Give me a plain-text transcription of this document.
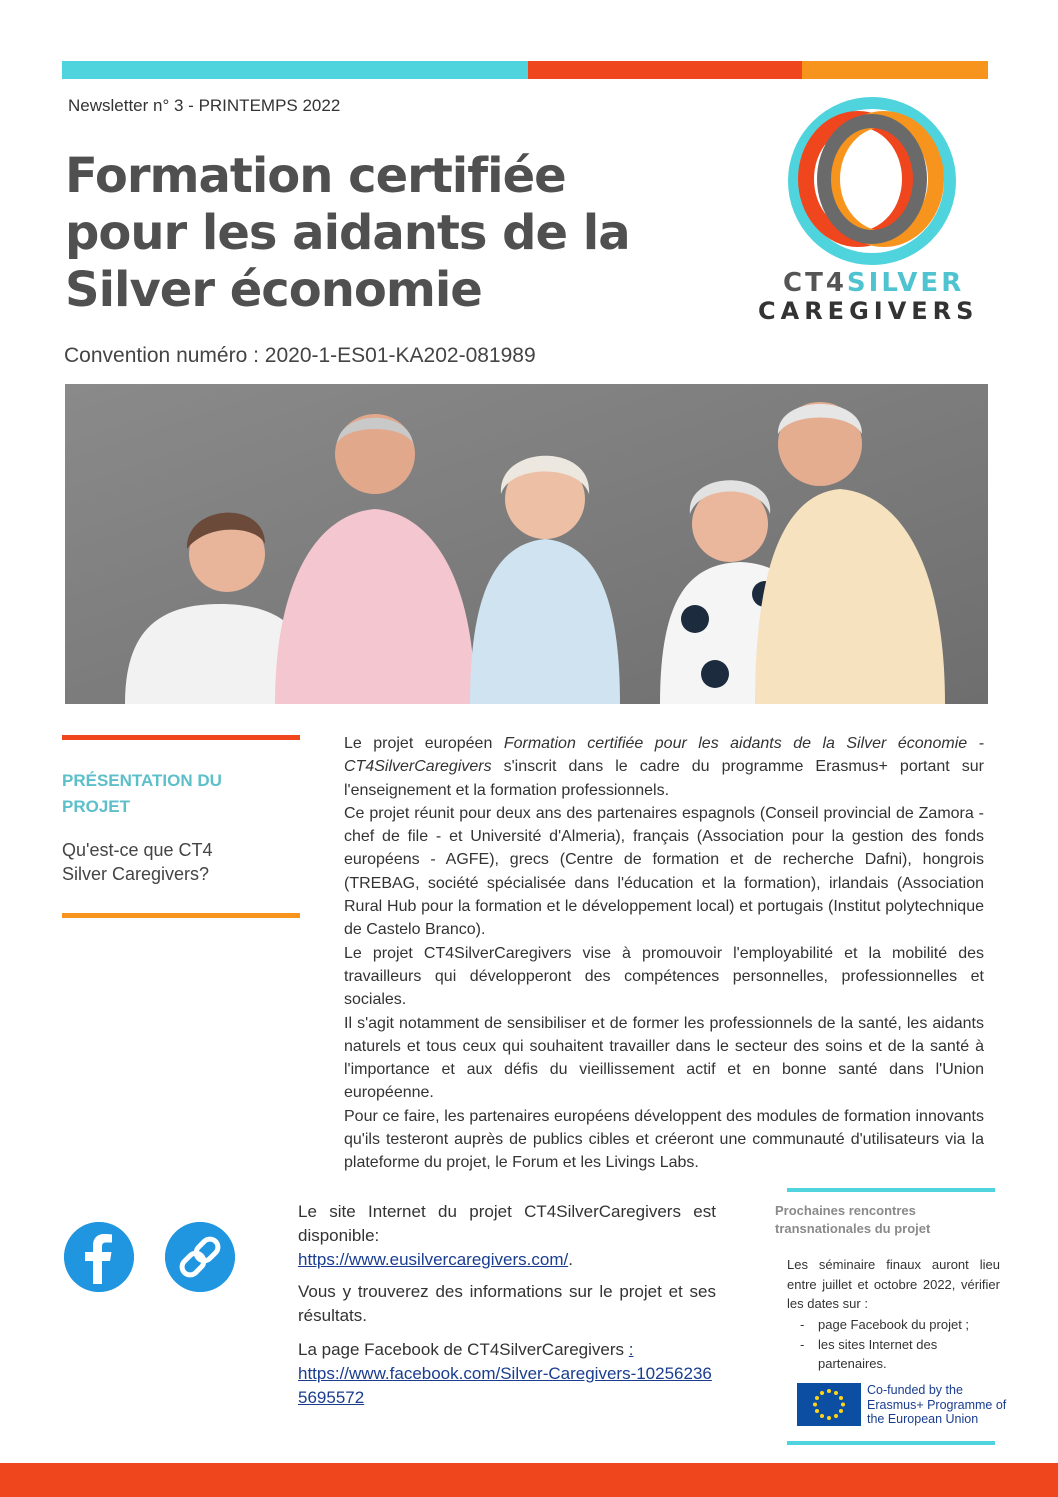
Newsletter n° 3 - PRINTEMPS 2022
Formation certifiée
pour les aidants de la
Silver économie
Convention numéro : 2020-1-ES01-KA202-081989
CT4SILVER
CAREGIVERS
PRÉSENTATION DU PROJET
Qu'est-ce que CT4 Silver Caregivers?

Le projet européen Formation certifiée pour les aidants de la Silver économie - CT4SilverCaregivers s'inscrit dans le cadre du programme Erasmus+ portant sur l'enseignement et la formation professionnels.

Ce projet réunit pour deux ans des partenaires espagnols (Conseil provincial de Zamora - chef de file - et Université d'Almeria), français (Association pour la gestion des fonds européens - AGFE), grecs (Centre de formation et de recherche Dafni), hongrois (TREBAG, société spécialisée dans l'éducation et la formation), irlandais (Association Rural Hub pour la formation et le développement local) et portugais (Institut polytechnique de Castelo Branco).

Le projet CT4SilverCaregivers vise à promouvoir l'employabilité et la mobilité des travailleurs qui développeront des compétences personnelles, professionnelles et sociales.

Il s'agit notamment de sensibiliser et de former les professionnels de la santé, les aidants naturels et tous ceux qui souhaitent travailler dans le secteur des soins et de la santé à l'importance et aux défis du vieillissement actif et en bonne santé dans l'Union européenne.

Pour ce faire, les partenaires européens développent des modules de formation innovants qu'ils testeront auprès de publics cibles et créeront une communauté d'utilisateurs via la plateforme du projet, le Forum et les Livings Labs.

Le site Internet du projet CT4SilverCaregivers est disponible:
https://www.eusilvercaregivers.com/.

Vous y trouverez des informations sur le projet et ses résultats.

La page Facebook de CT4SilverCaregivers :
https://www.facebook.com/Silver-Caregivers-102562365695572

Prochaines rencontres transnationales du projet
Les séminaire finaux auront lieu entre juillet et octobre 2022, vérifier les dates sur :
- page Facebook du projet ;
- les sites Internet des partenaires.
Co-funded by the Erasmus+ Programme of the European Union
